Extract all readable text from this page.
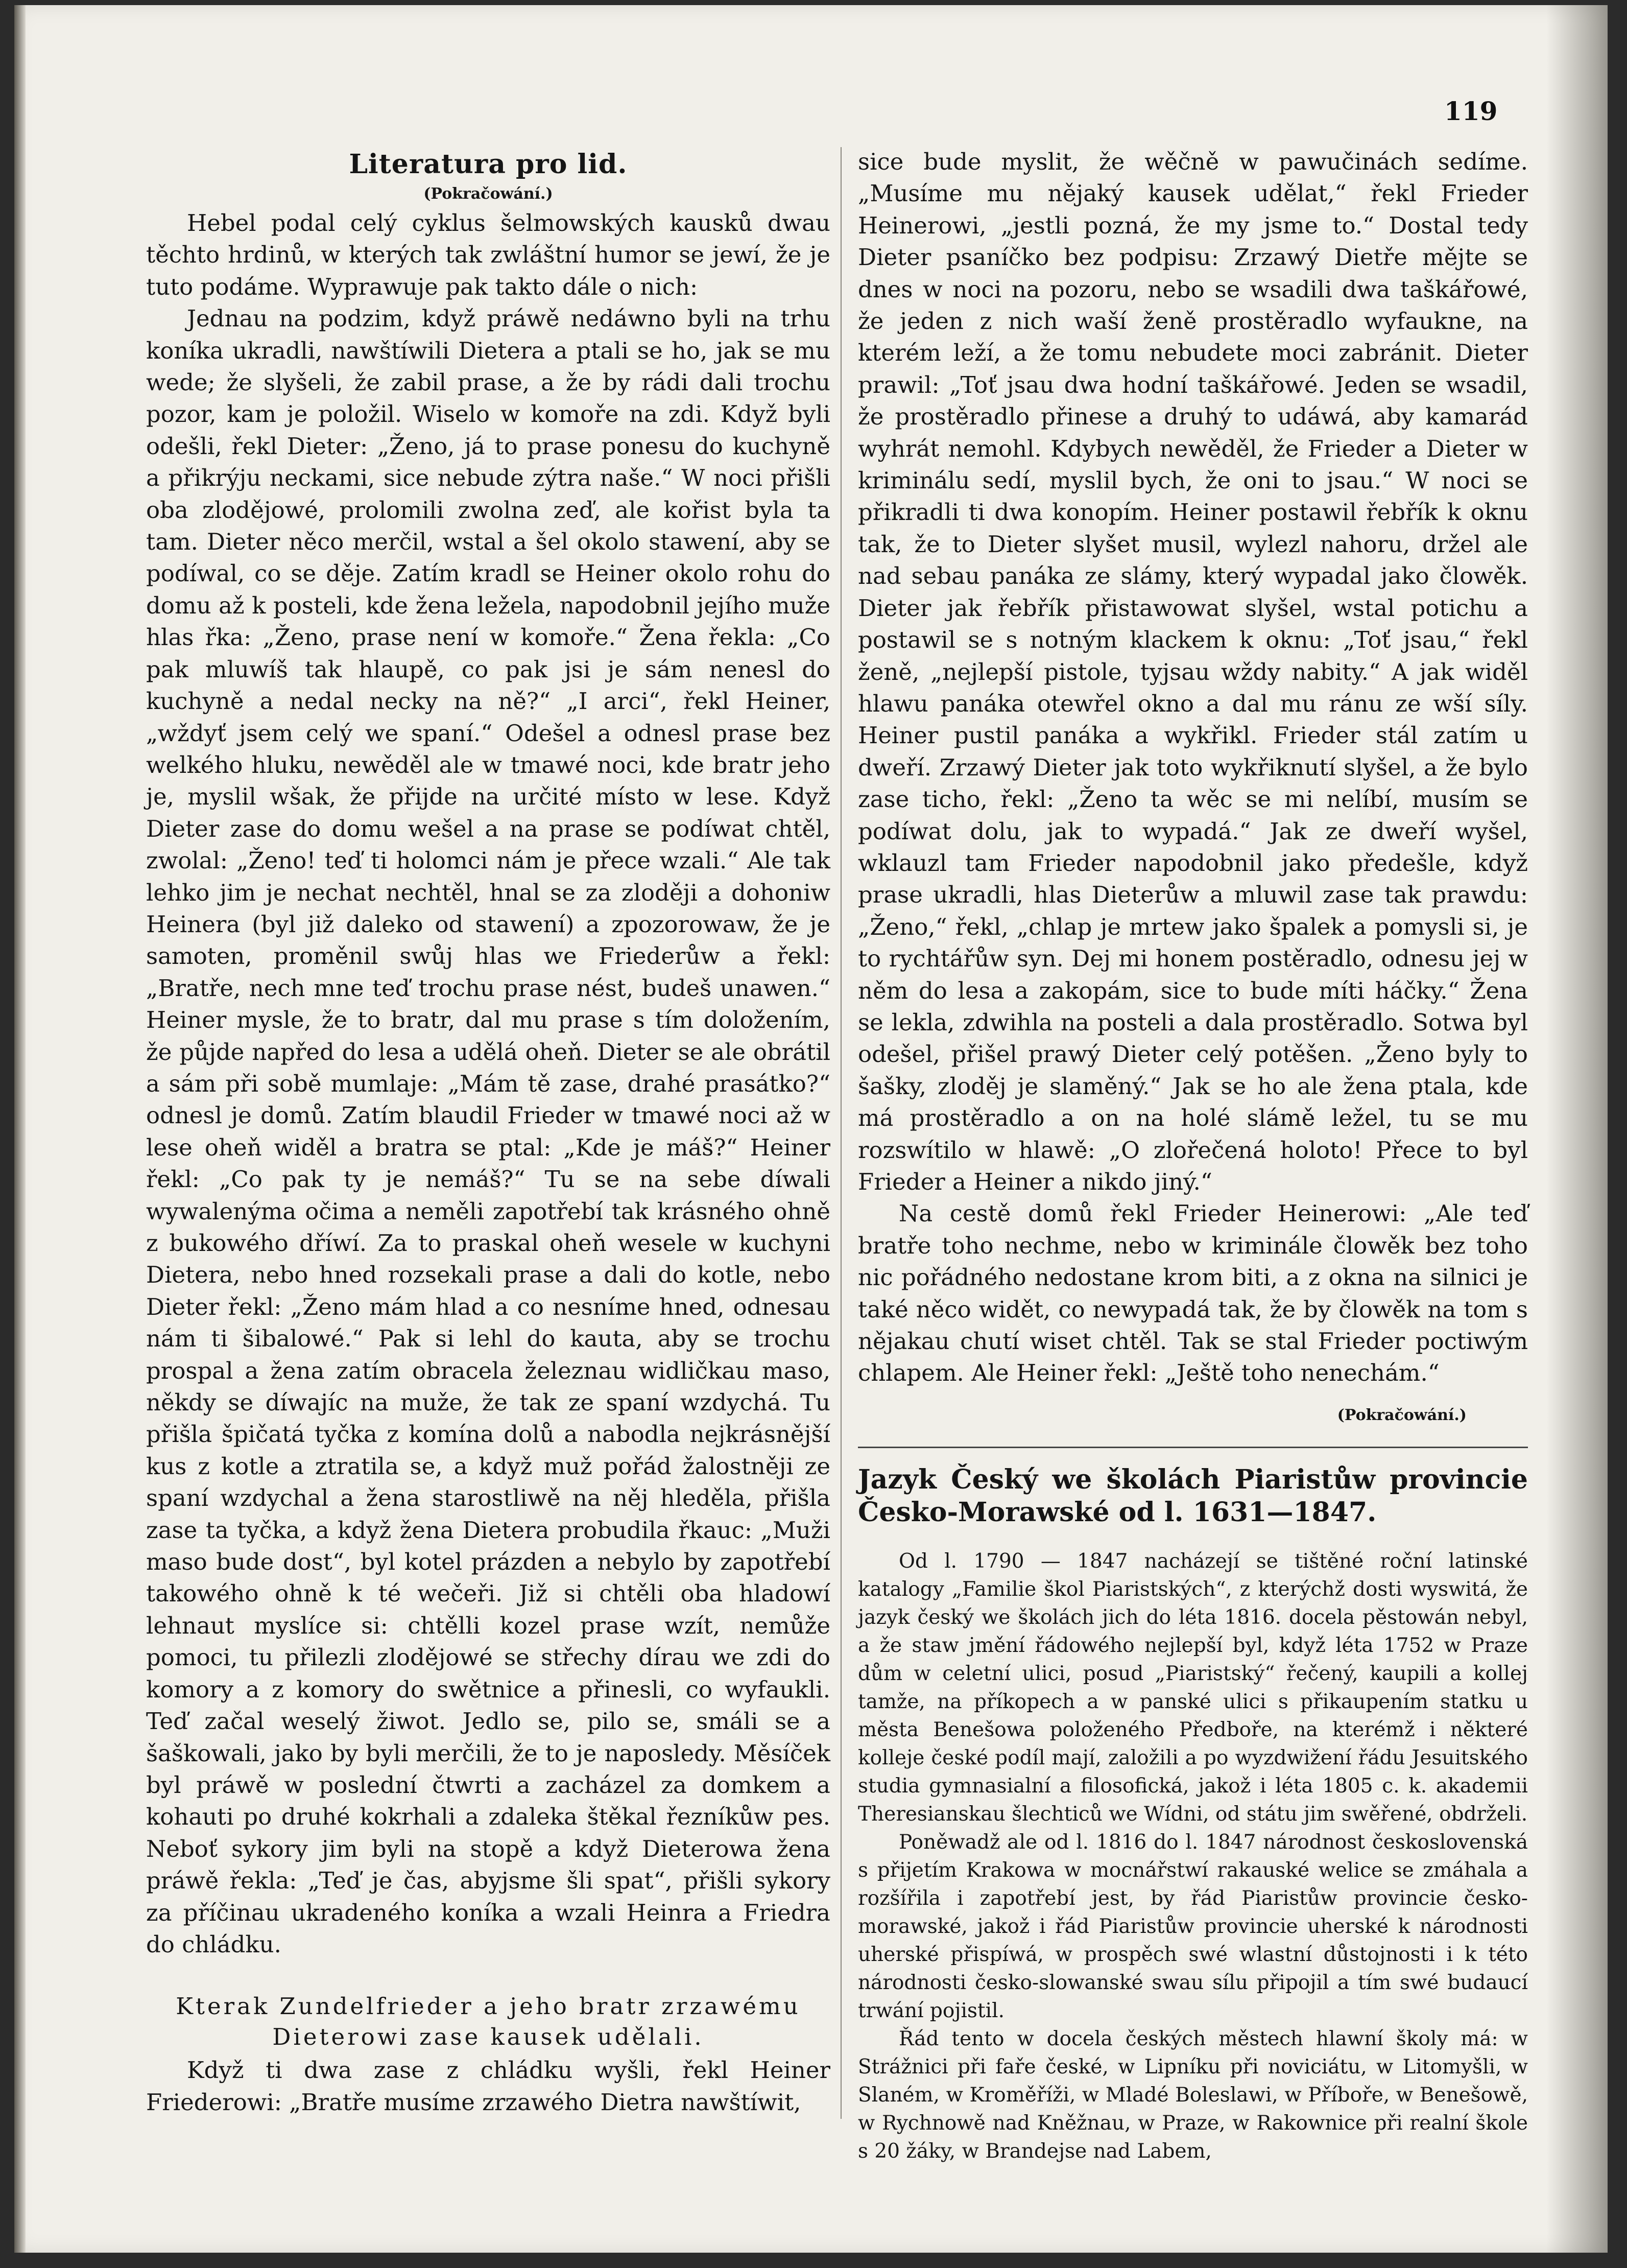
119
Literatura pro lid.
(Pokračowání.)

Hebel podal celý cyklus šelmowských kausků dwau těchto hrdinů, w kterých tak zwláštní humor se jewí, že je tuto podáme. Wyprawuje pak takto dále o nich:

Jednau na podzim, když práwě nedáwno byli na trhu koníka ukradli, nawštíwili Dietera a ptali se ho, jak se mu wede; že slyšeli, že zabil prase, a že by rádi dali trochu pozor, kam je položil. Wiselo w komoře na zdi. Když byli odešli, řekl Dieter: „Ženo, já to prase ponesu do kuchyně a přikrýju neckami, sice nebude zýtra naše.“ W noci přišli oba zlodějowé, prolomili zwolna zeď, ale kořist byla ta tam. Dieter něco merčil, wstal a šel okolo stawení, aby se podíwal, co se děje. Zatím kradl se Heiner okolo rohu do domu až k posteli, kde žena ležela, napodobnil jejího muže hlas řka: „Ženo, prase není w komoře.“ Žena řekla: „Co pak mluwíš tak hlaupě, co pak jsi je sám nenesl do kuchyně a nedal necky na ně?“ „I arci“, řekl Heiner, „wždyť jsem celý we spaní.“ Odešel a odnesl prase bez welkého hluku, newěděl ale w tmawé noci, kde bratr jeho je, myslil wšak, že přijde na určité místo w lese. Když Dieter zase do domu wešel a na prase se podíwat chtěl, zwolal: „Ženo! teď ti holomci nám je přece wzali.“ Ale tak lehko jim je nechat nechtěl, hnal se za zloději a dohoniw Heinera (byl již daleko od stawení) a zpozorowaw, že je samoten, proměnil swůj hlas we Friederůw a řekl: „Bratře, nech mne teď trochu prase nést, budeš unawen.“ Heiner mysle, že to bratr, dal mu prase s tím doložením, že půjde napřed do lesa a udělá oheň. Dieter se ale obrátil a sám při sobě mumlaje: „Mám tě zase, drahé prasátko?“ odnesl je domů. Zatím blaudil Frieder w tmawé noci až w lese oheň widěl a bratra se ptal: „Kde je máš?“ Heiner řekl: „Co pak ty je nemáš?“ Tu se na sebe díwali wywalenýma očima a neměli zapotřebí tak krásného ohně z bukowého dříwí. Za to praskal oheň wesele w kuchyni Dietera, nebo hned rozsekali prase a dali do kotle, nebo Dieter řekl: „Ženo mám hlad a co nesníme hned, odnesau nám ti šibalowé.“ Pak si lehl do kauta, aby se trochu prospal a žena zatím obracela železnau widličkau maso, někdy se díwajíc na muže, že tak ze spaní wzdychá. Tu přišla špičatá tyčka z komína dolů a nabodla nejkrásnější kus z kotle a ztratila se, a když muž pořád žalostněji ze spaní wzdychal a žena starostliwě na něj hleděla, přišla zase ta tyčka, a když žena Dietera probudila řkauc: „Muži maso bude dost“, byl kotel prázden a nebylo by zapotřebí takowého ohně k té wečeři. Již si chtěli oba hladowí lehnaut myslíce si: chtělli kozel prase wzít, nemůže pomoci, tu přilezli zlodějowé se střechy dírau we zdi do komory a z komory do swětnice a přinesli, co wyfaukli. Teď začal weselý žiwot. Jedlo se, pilo se, smáli se a šaškowali, jako by byli merčili, že to je naposledy. Měsíček byl práwě w poslední čtwrti a zacházel za domkem a kohauti po druhé kokrhali a zdaleka štěkal řezníkůw pes. Neboť sykory jim byli na stopě a když Dieterowa žena práwě řekla: „Teď je čas, abyjsme šli spat“, přišli sykory za příčinau ukradeného koníka a wzali Heinra a Friedra do chládku.

Kterak Zundelfrieder a jeho bratr zrzawému Dieterowi zase kausek udělali.

Když ti dwa zase z chládku wyšli, řekl Heiner Friederowi: „Bratře musíme zrzawého Dietra nawštíwit,

sice bude myslit, že wěčně w pawučinách sedíme. „Musíme mu nějaký kausek udělat,“ řekl Frieder Heinerowi, „jestli pozná, že my jsme to.“ Dostal tedy Dieter psaníčko bez podpisu: Zrzawý Dietře mějte se dnes w noci na pozoru, nebo se wsadili dwa taškářowé, že jeden z nich waší ženě prostěradlo wyfaukne, na kterém leží, a že tomu nebudete moci zabránit. Dieter prawil: „Toť jsau dwa hodní taškářowé. Jeden se wsadil, že prostěradlo přinese a druhý to udáwá, aby kamarád wyhrát nemohl. Kdybych newěděl, že Frieder a Dieter w kriminálu sedí, myslil bych, že oni to jsau.“ W noci se přikradli ti dwa konopím. Heiner postawil řebřík k oknu tak, že to Dieter slyšet musil, wylezl nahoru, držel ale nad sebau panáka ze slámy, který wypadal jako člowěk. Dieter jak řebřík přistawowat slyšel, wstal potichu a postawil se s notným klackem k oknu: „Toť jsau,“ řekl ženě, „nejlepší pistole, tyjsau wždy nabity.“ A jak widěl hlawu panáka otewřel okno a dal mu ránu ze wší síly. Heiner pustil panáka a wykřikl. Frieder stál zatím u dweří. Zrzawý Dieter jak toto wykřiknutí slyšel, a že bylo zase ticho, řekl: „Ženo ta wěc se mi nelíbí, musím se podíwat dolu, jak to wypadá.“ Jak ze dweří wyšel, wklauzl tam Frieder napodobnil jako předešle, když prase ukradli, hlas Dieterůw a mluwil zase tak prawdu: „Ženo,“ řekl, „chlap je mrtew jako špalek a pomysli si, je to rychtářůw syn. Dej mi honem postěradlo, odnesu jej w něm do lesa a zakopám, sice to bude míti háčky.“ Žena se lekla, zdwihla na posteli a dala prostěradlo. Sotwa byl odešel, přišel prawý Dieter celý potěšen. „Ženo byly to šašky, zloděj je slaměný.“ Jak se ho ale žena ptala, kde má prostěradlo a on na holé slámě ležel, tu se mu rozswítilo w hlawě: „O zlořečená holoto! Přece to byl Frieder a Heiner a nikdo jiný.“

Na cestě domů řekl Frieder Heinerowi: „Ale teď bratře toho nechme, nebo w kriminále člowěk bez toho nic pořádného nedostane krom biti, a z okna na silnici je také něco widět, co newypadá tak, že by člowěk na tom s nějakau chutí wiset chtěl. Tak se stal Frieder poctiwým chlapem. Ale Heiner řekl: „Ještě toho nenechám.“

(Pokračowání.)
Jazyk Český we školách Piaristůw provincie Česko-Morawské od l. 1631—1847.

Od l. 1790 — 1847 nacházejí se tištěné roční latinské katalogy „Familie škol Piaristských“, z kterýchž dosti wyswitá, že jazyk český we školách jich do léta 1816. docela pěstowán nebyl, a že staw jmění řádowého nejlepší byl, když léta 1752 w Praze dům w celetní ulici, posud „Piaristský“ řečený, kaupili a kollej tamže, na příkopech a w panské ulici s přikaupením statku u města Benešowa položeného Předboře, na kterémž i některé kolleje české podíl mají, založili a po wyzdwižení řádu Jesuitského studia gymnasialní a filosofická, jakož i léta 1805 c. k. akademii Theresianskau šlechticů we Wídni, od státu jim swěřené, obdrželi.

Poněwadž ale od l. 1816 do l. 1847 národnost československá s přijetím Krakowa w mocnářstwí rakauské welice se zmáhala a rozšířila i zapotřebí jest, by řád Piaristůw provincie česko-morawské, jakož i řád Piaristůw provincie uherské k národnosti uherské přispíwá, w prospěch swé wlastní důstojnosti i k této národnosti česko-slowanské swau sílu připojil a tím swé budaucí trwání pojistil.

Řád tento w docela českých městech hlawní školy má: w Strážnici při faře české, w Lipníku při noviciátu, w Litomyšli, w Slaném, w Kroměříži, w Mladé Boleslawi, w Příboře, w Benešowě, w Rychnowě nad Kněžnau, w Praze, w Rakownice při realní škole s 20 žáky, w Brandejse nad Labem,
